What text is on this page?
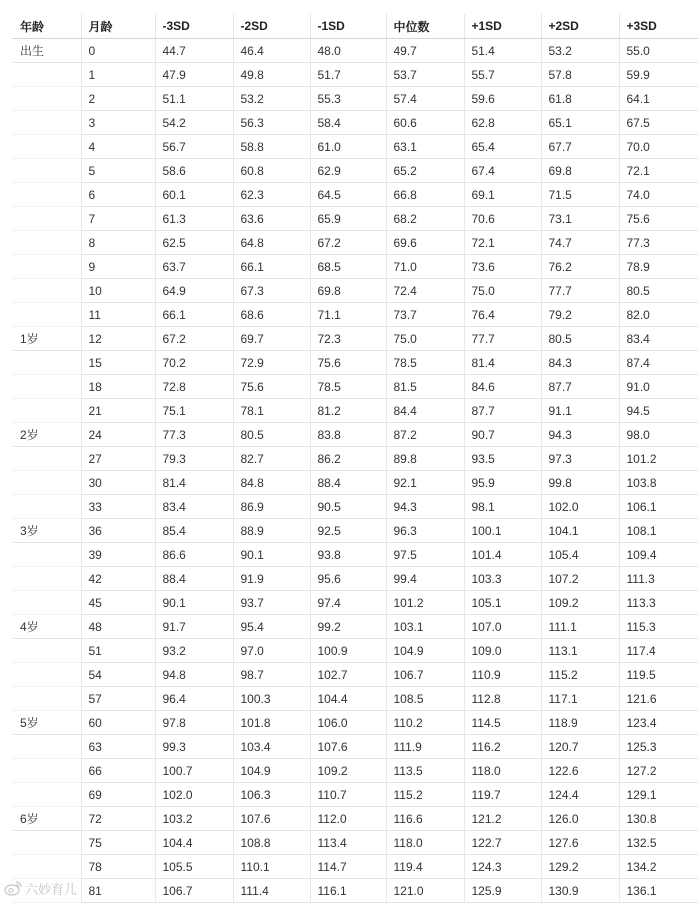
年龄	月龄	-3SD	-2SD	-1SD	中位数	+1SD	+2SD	+3SD
出生	0	44.7	46.4	48.0	49.7	51.4	53.2	55.0
	1	47.9	49.8	51.7	53.7	55.7	57.8	59.9
	2	51.1	53.2	55.3	57.4	59.6	61.8	64.1
	3	54.2	56.3	58.4	60.6	62.8	65.1	67.5
	4	56.7	58.8	61.0	63.1	65.4	67.7	70.0
	5	58.6	60.8	62.9	65.2	67.4	69.8	72.1
	6	60.1	62.3	64.5	66.8	69.1	71.5	74.0
	7	61.3	63.6	65.9	68.2	70.6	73.1	75.6
	8	62.5	64.8	67.2	69.6	72.1	74.7	77.3
	9	63.7	66.1	68.5	71.0	73.6	76.2	78.9
	10	64.9	67.3	69.8	72.4	75.0	77.7	80.5
	11	66.1	68.6	71.1	73.7	76.4	79.2	82.0
1岁	12	67.2	69.7	72.3	75.0	77.7	80.5	83.4
	15	70.2	72.9	75.6	78.5	81.4	84.3	87.4
	18	72.8	75.6	78.5	81.5	84.6	87.7	91.0
	21	75.1	78.1	81.2	84.4	87.7	91.1	94.5
2岁	24	77.3	80.5	83.8	87.2	90.7	94.3	98.0
	27	79.3	82.7	86.2	89.8	93.5	97.3	101.2
	30	81.4	84.8	88.4	92.1	95.9	99.8	103.8
	33	83.4	86.9	90.5	94.3	98.1	102.0	106.1
3岁	36	85.4	88.9	92.5	96.3	100.1	104.1	108.1
	39	86.6	90.1	93.8	97.5	101.4	105.4	109.4
	42	88.4	91.9	95.6	99.4	103.3	107.2	111.3
	45	90.1	93.7	97.4	101.2	105.1	109.2	113.3
4岁	48	91.7	95.4	99.2	103.1	107.0	111.1	115.3
	51	93.2	97.0	100.9	104.9	109.0	113.1	117.4
	54	94.8	98.7	102.7	106.7	110.9	115.2	119.5
	57	96.4	100.3	104.4	108.5	112.8	117.1	121.6
5岁	60	97.8	101.8	106.0	110.2	114.5	118.9	123.4
	63	99.3	103.4	107.6	111.9	116.2	120.7	125.3
	66	100.7	104.9	109.2	113.5	118.0	122.6	127.2
	69	102.0	106.3	110.7	115.2	119.7	124.4	129.1
6岁	72	103.2	107.6	112.0	116.6	121.2	126.0	130.8
	75	104.4	108.8	113.4	118.0	122.7	127.6	132.5
	78	105.5	110.1	114.7	119.4	124.3	129.2	134.2
	81	106.7	111.4	116.1	121.0	125.9	130.9	136.1
六妙育儿
